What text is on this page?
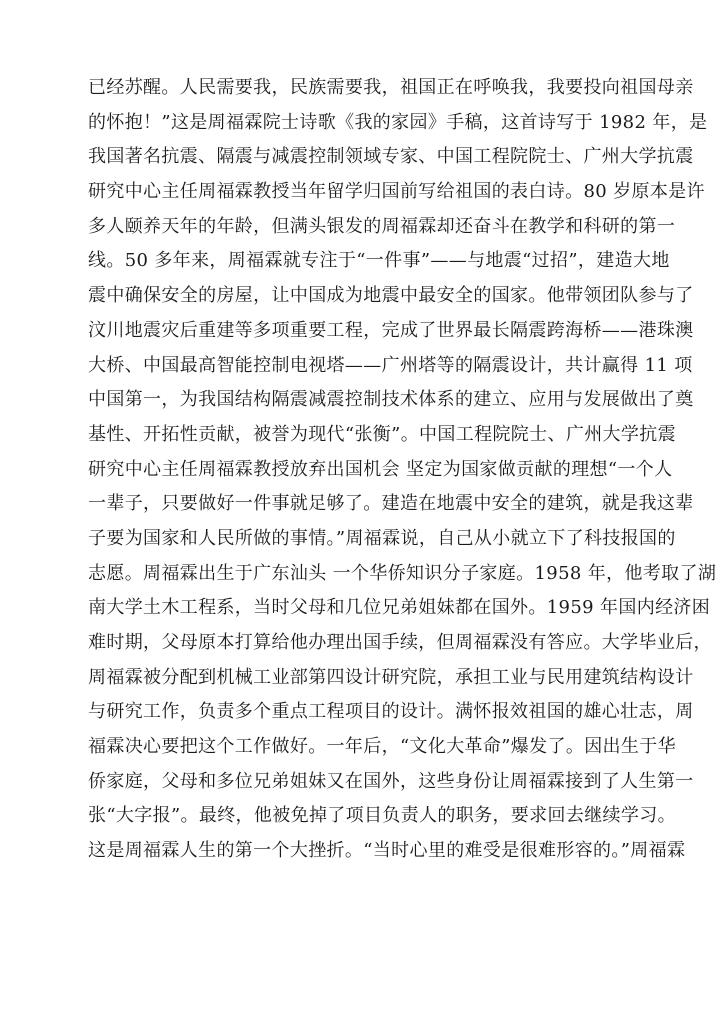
已经苏醒。人民需要我，民族需要我，祖国正在呼唤我，我要投向祖国母亲
的怀抱！”这是周福霖院士诗歌《我的家园》手稿，这首诗写于 1982 年，是
我国著名抗震、隔震与减震控制领域专家、中国工程院院士、广州大学抗震
研究中心主任周福霖教授当年留学归国前写给祖国的表白诗。80 岁原本是许
多人颐养天年的年龄，但满头银发的周福霖却还奋斗在教学和科研的第一
线。50 多年来，周福霖就专注于“一件事”——与地震“过招”，建造大地
震中确保安全的房屋，让中国成为地震中最安全的国家。他带领团队参与了
汶川地震灾后重建等多项重要工程，完成了世界最长隔震跨海桥——港珠澳
大桥、中国最高智能控制电视塔——广州塔等的隔震设计，共计赢得 11 项
中国第一，为我国结构隔震减震控制技术体系的建立、应用与发展做出了奠
基性、开拓性贡献，被誉为现代“张衡”。中国工程院院士、广州大学抗震
研究中心主任周福霖教授放弃出国机会 坚定为国家做贡献的理想“一个人
一辈子，只要做好一件事就足够了。建造在地震中安全的建筑，就是我这辈
子要为国家和人民所做的事情。”周福霖说，自己从小就立下了科技报国的
志愿。周福霖出生于广东汕头 一个华侨知识分子家庭。1958 年，他考取了湖
南大学土木工程系，当时父母和几位兄弟姐妹都在国外。1959 年国内经济困
难时期，父母原本打算给他办理出国手续，但周福霖没有答应。大学毕业后，
周福霖被分配到机械工业部第四设计研究院，承担工业与民用建筑结构设计
与研究工作，负责多个重点工程项目的设计。满怀报效祖国的雄心壮志，周
福霖决心要把这个工作做好。一年后，“文化大革命”爆发了。因出生于华
侨家庭，父母和多位兄弟姐妹又在国外，这些身份让周福霖接到了人生第一
张“大字报”。最终，他被免掉了项目负责人的职务，要求回去继续学习。
这是周福霖人生的第一个大挫折。“当时心里的难受是很难形容的。”周福霖
